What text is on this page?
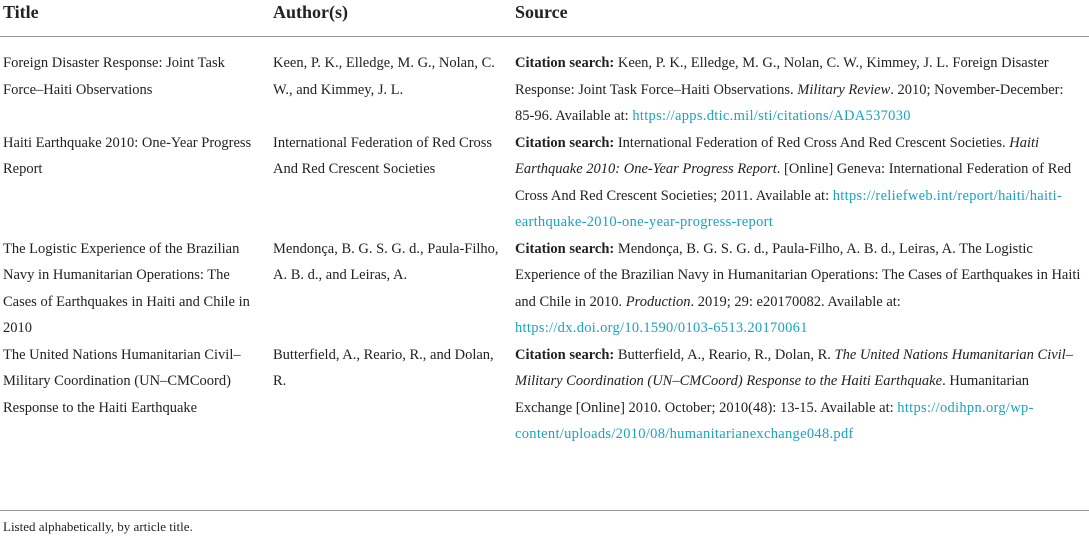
Title	Author(s)	Source
Foreign Disaster Response: Joint Task Force–Haiti Observations	Keen, P. K., Elledge, M. G., Nolan, C. W., and Kimmey, J. L.	Citation search: Keen, P. K., Elledge, M. G., Nolan, C. W., Kimmey, J. L. Foreign Disaster Response: Joint Task Force–Haiti Observations. Military Review. 2010; November-December: 85-96. Available at: https://apps.dtic.mil/sti/citations/ADA537030
Haiti Earthquake 2010: One-Year Progress Report	International Federation of Red Cross And Red Crescent Societies	Citation search: International Federation of Red Cross And Red Crescent Societies. Haiti Earthquake 2010: One-Year Progress Report. [Online] Geneva: International Federation of Red Cross And Red Crescent Societies; 2011. Available at: https://reliefweb.int/report/haiti/haiti-earthquake-2010-one-year-progress-report
The Logistic Experience of the Brazilian Navy in Humanitarian Operations: The Cases of Earthquakes in Haiti and Chile in 2010	Mendonça, B. G. S. G. d., Paula-Filho, A. B. d., and Leiras, A.	Citation search: Mendonça, B. G. S. G. d., Paula-Filho, A. B. d., Leiras, A. The Logistic Experience of the Brazilian Navy in Humanitarian Operations: The Cases of Earthquakes in Haiti and Chile in 2010. Production. 2019; 29: e20170082. Available at: https://dx.doi.org/10.1590/0103-6513.20170061
The United Nations Humanitarian Civil–Military Coordination (UN–CMCoord) Response to the Haiti Earthquake	Butterfield, A., Reario, R., and Dolan, R.	Citation search: Butterfield, A., Reario, R., Dolan, R. The United Nations Humanitarian Civil–Military Coordination (UN–CMCoord) Response to the Haiti Earthquake. Humanitarian Exchange [Online] 2010. October; 2010(48): 13-15. Available at: https://odihpn.org/wp-content/uploads/2010/08/humanitarianexchange048.pdf
Listed alphabetically, by article title.
